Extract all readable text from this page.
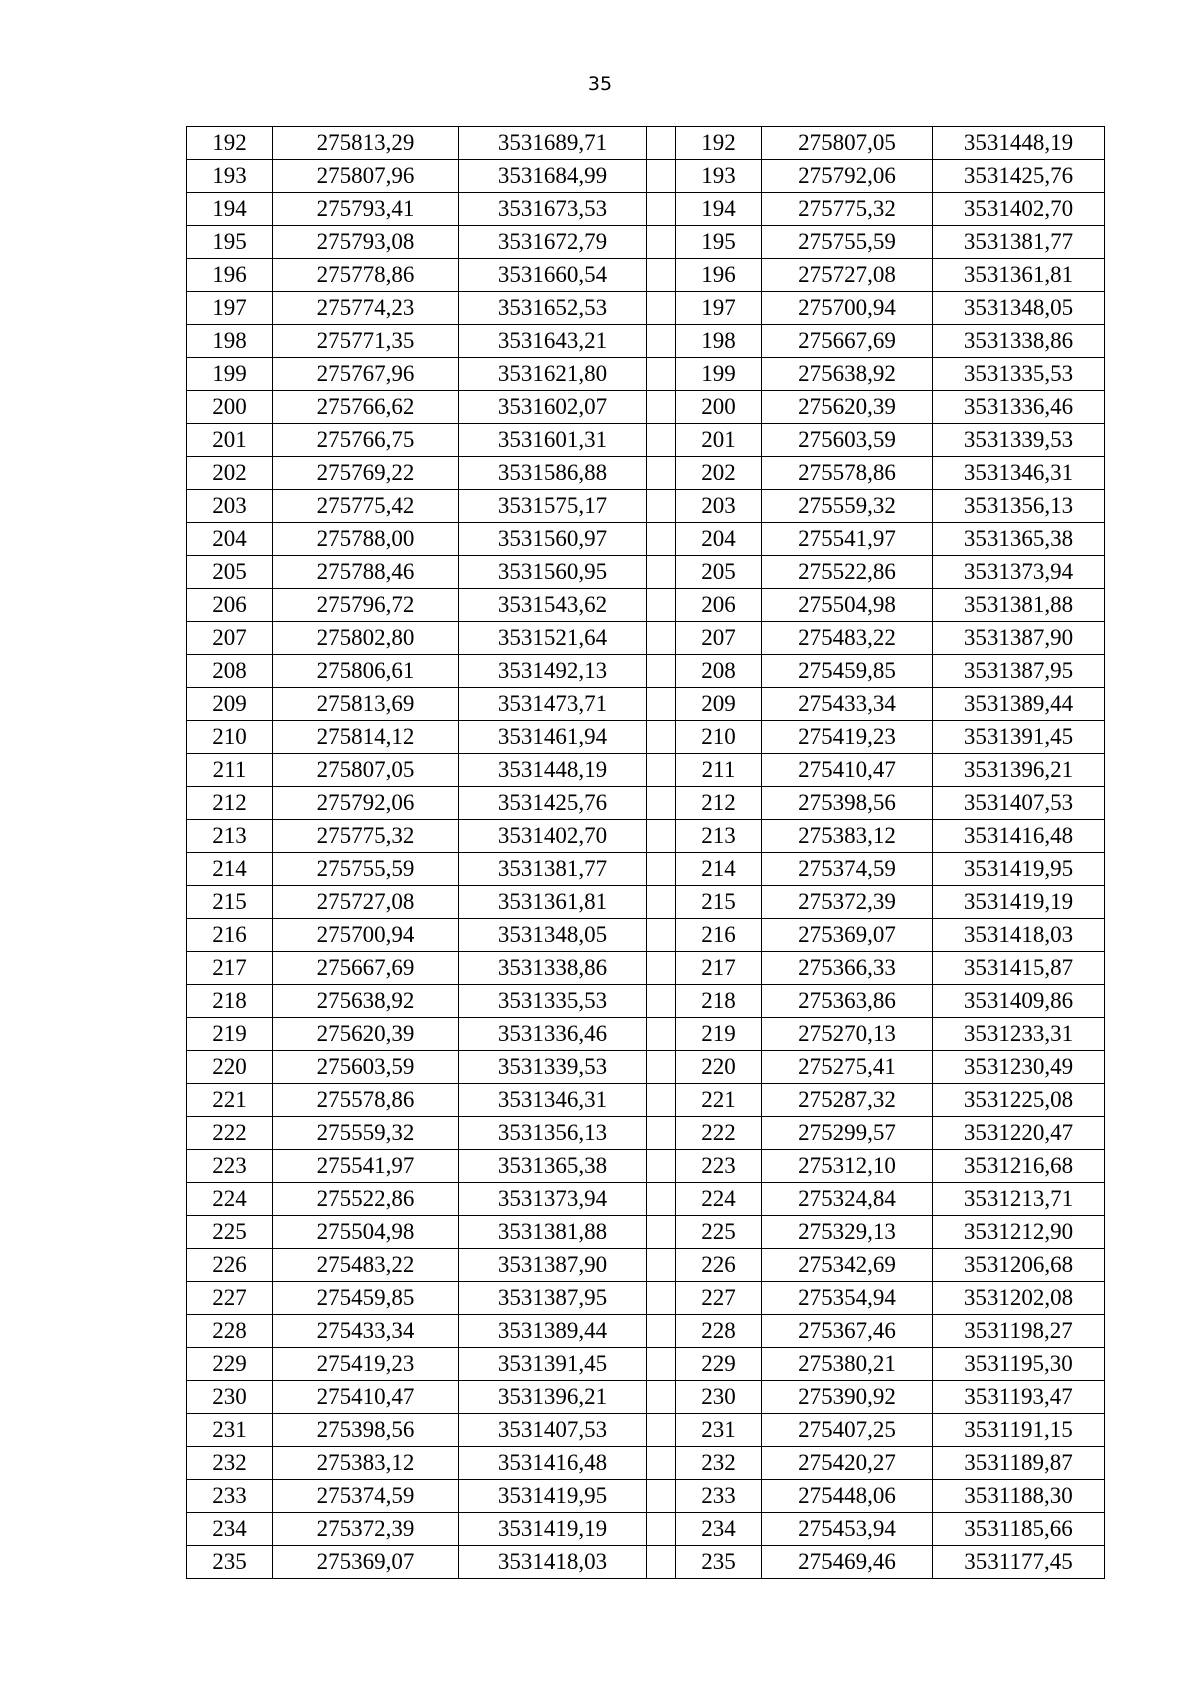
35
192	275813,29	3531689,71		192	275807,05	3531448,19
193	275807,96	3531684,99		193	275792,06	3531425,76
194	275793,41	3531673,53		194	275775,32	3531402,70
195	275793,08	3531672,79		195	275755,59	3531381,77
196	275778,86	3531660,54		196	275727,08	3531361,81
197	275774,23	3531652,53		197	275700,94	3531348,05
198	275771,35	3531643,21		198	275667,69	3531338,86
199	275767,96	3531621,80		199	275638,92	3531335,53
200	275766,62	3531602,07		200	275620,39	3531336,46
201	275766,75	3531601,31		201	275603,59	3531339,53
202	275769,22	3531586,88		202	275578,86	3531346,31
203	275775,42	3531575,17		203	275559,32	3531356,13
204	275788,00	3531560,97		204	275541,97	3531365,38
205	275788,46	3531560,95		205	275522,86	3531373,94
206	275796,72	3531543,62		206	275504,98	3531381,88
207	275802,80	3531521,64		207	275483,22	3531387,90
208	275806,61	3531492,13		208	275459,85	3531387,95
209	275813,69	3531473,71		209	275433,34	3531389,44
210	275814,12	3531461,94		210	275419,23	3531391,45
211	275807,05	3531448,19		211	275410,47	3531396,21
212	275792,06	3531425,76		212	275398,56	3531407,53
213	275775,32	3531402,70		213	275383,12	3531416,48
214	275755,59	3531381,77		214	275374,59	3531419,95
215	275727,08	3531361,81		215	275372,39	3531419,19
216	275700,94	3531348,05		216	275369,07	3531418,03
217	275667,69	3531338,86		217	275366,33	3531415,87
218	275638,92	3531335,53		218	275363,86	3531409,86
219	275620,39	3531336,46		219	275270,13	3531233,31
220	275603,59	3531339,53		220	275275,41	3531230,49
221	275578,86	3531346,31		221	275287,32	3531225,08
222	275559,32	3531356,13		222	275299,57	3531220,47
223	275541,97	3531365,38		223	275312,10	3531216,68
224	275522,86	3531373,94		224	275324,84	3531213,71
225	275504,98	3531381,88		225	275329,13	3531212,90
226	275483,22	3531387,90		226	275342,69	3531206,68
227	275459,85	3531387,95		227	275354,94	3531202,08
228	275433,34	3531389,44		228	275367,46	3531198,27
229	275419,23	3531391,45		229	275380,21	3531195,30
230	275410,47	3531396,21		230	275390,92	3531193,47
231	275398,56	3531407,53		231	275407,25	3531191,15
232	275383,12	3531416,48		232	275420,27	3531189,87
233	275374,59	3531419,95		233	275448,06	3531188,30
234	275372,39	3531419,19		234	275453,94	3531185,66
235	275369,07	3531418,03		235	275469,46	3531177,45
